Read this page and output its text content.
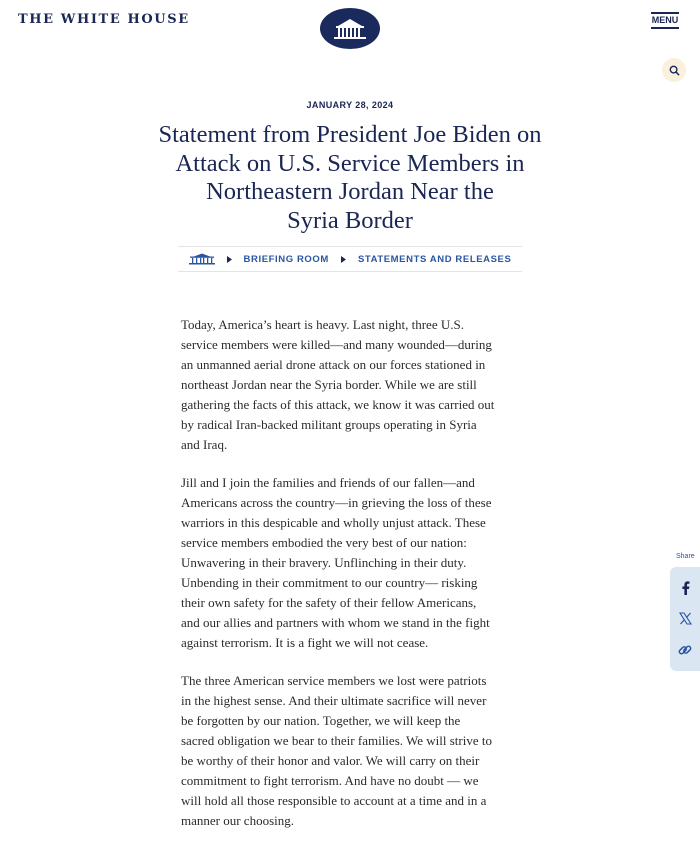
THE WHITE HOUSE	MENU
JANUARY 28, 2024
Statement from President Joe Biden on
Attack on U.S. Service Members in
Northeastern Jordan Near the
Syria Border
BRIEFING ROOM	STATEMENTS AND RELEASES

Today, America’s heart is heavy. Last night, three U.S.
service members were killed—and many wounded—during
an unmanned aerial drone attack on our forces stationed in
northeast Jordan near the Syria border. While we are still
gathering the facts of this attack, we know it was carried out
by radical Iran-backed militant groups operating in Syria
and Iraq.

Jill and I join the families and friends of our fallen—and
Americans across the country—in grieving the loss of these
warriors in this despicable and wholly unjust attack. These
service members embodied the very best of our nation:
Unwavering in their bravery. Unflinching in their duty.
Unbending in their commitment to our country— risking
their own safety for the safety of their fellow Americans,
and our allies and partners with whom we stand in the fight
against terrorism. It is a fight we will not cease.

The three American service members we lost were patriots
in the highest sense. And their ultimate sacrifice will never
be forgotten by our nation. Together, we will keep the
sacred obligation we bear to their families. We will strive to
be worthy of their honor and valor. We will carry on their
commitment to fight terrorism. And have no doubt — we
will hold all those responsible to account at a time and in a
manner our choosing.

Share
